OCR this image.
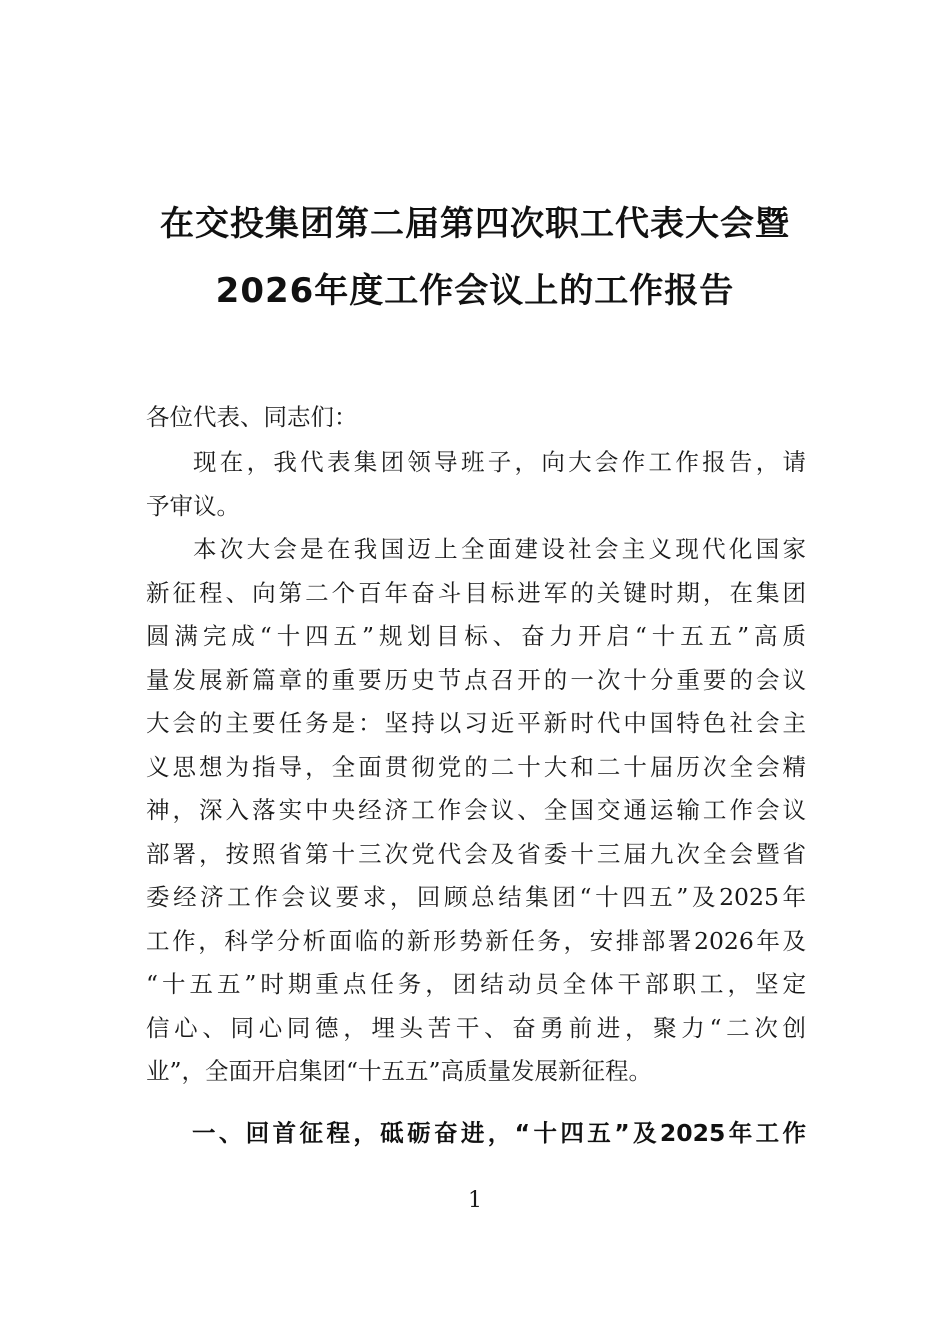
在交投集团第二届第四次职工代表大会暨
2026年度工作会议上的工作报告
各位代表、同志们：
现在，我代表集团领导班子，向大会作工作报告，请
予审议。
本次大会是在我国迈上全面建设社会主义现代化国家
新征程、向第二个百年奋斗目标进军的关键时期，在集团
圆满完成“十四五”规划目标、奋力开启“十五五”高质
量发展新篇章的重要历史节点召开的一次十分重要的会议
大会的主要任务是：坚持以习近平新时代中国特色社会主
义思想为指导，全面贯彻党的二十大和二十届历次全会精
神，深入落实中央经济工作会议、全国交通运输工作会议
部署，按照省第十三次党代会及省委十三届九次全会暨省
委经济工作会议要求，回顾总结集团“十四五”及2025年
工作，科学分析面临的新形势新任务，安排部署2026年及
“十五五”时期重点任务，团结动员全体干部职工，坚定
信心、同心同德，埋头苦干、奋勇前进，聚力“二次创
业”，全面开启集团“十五五”高质量发展新征程。
一、回首征程，砥砺奋进，“十四五”及2025年工作
1
